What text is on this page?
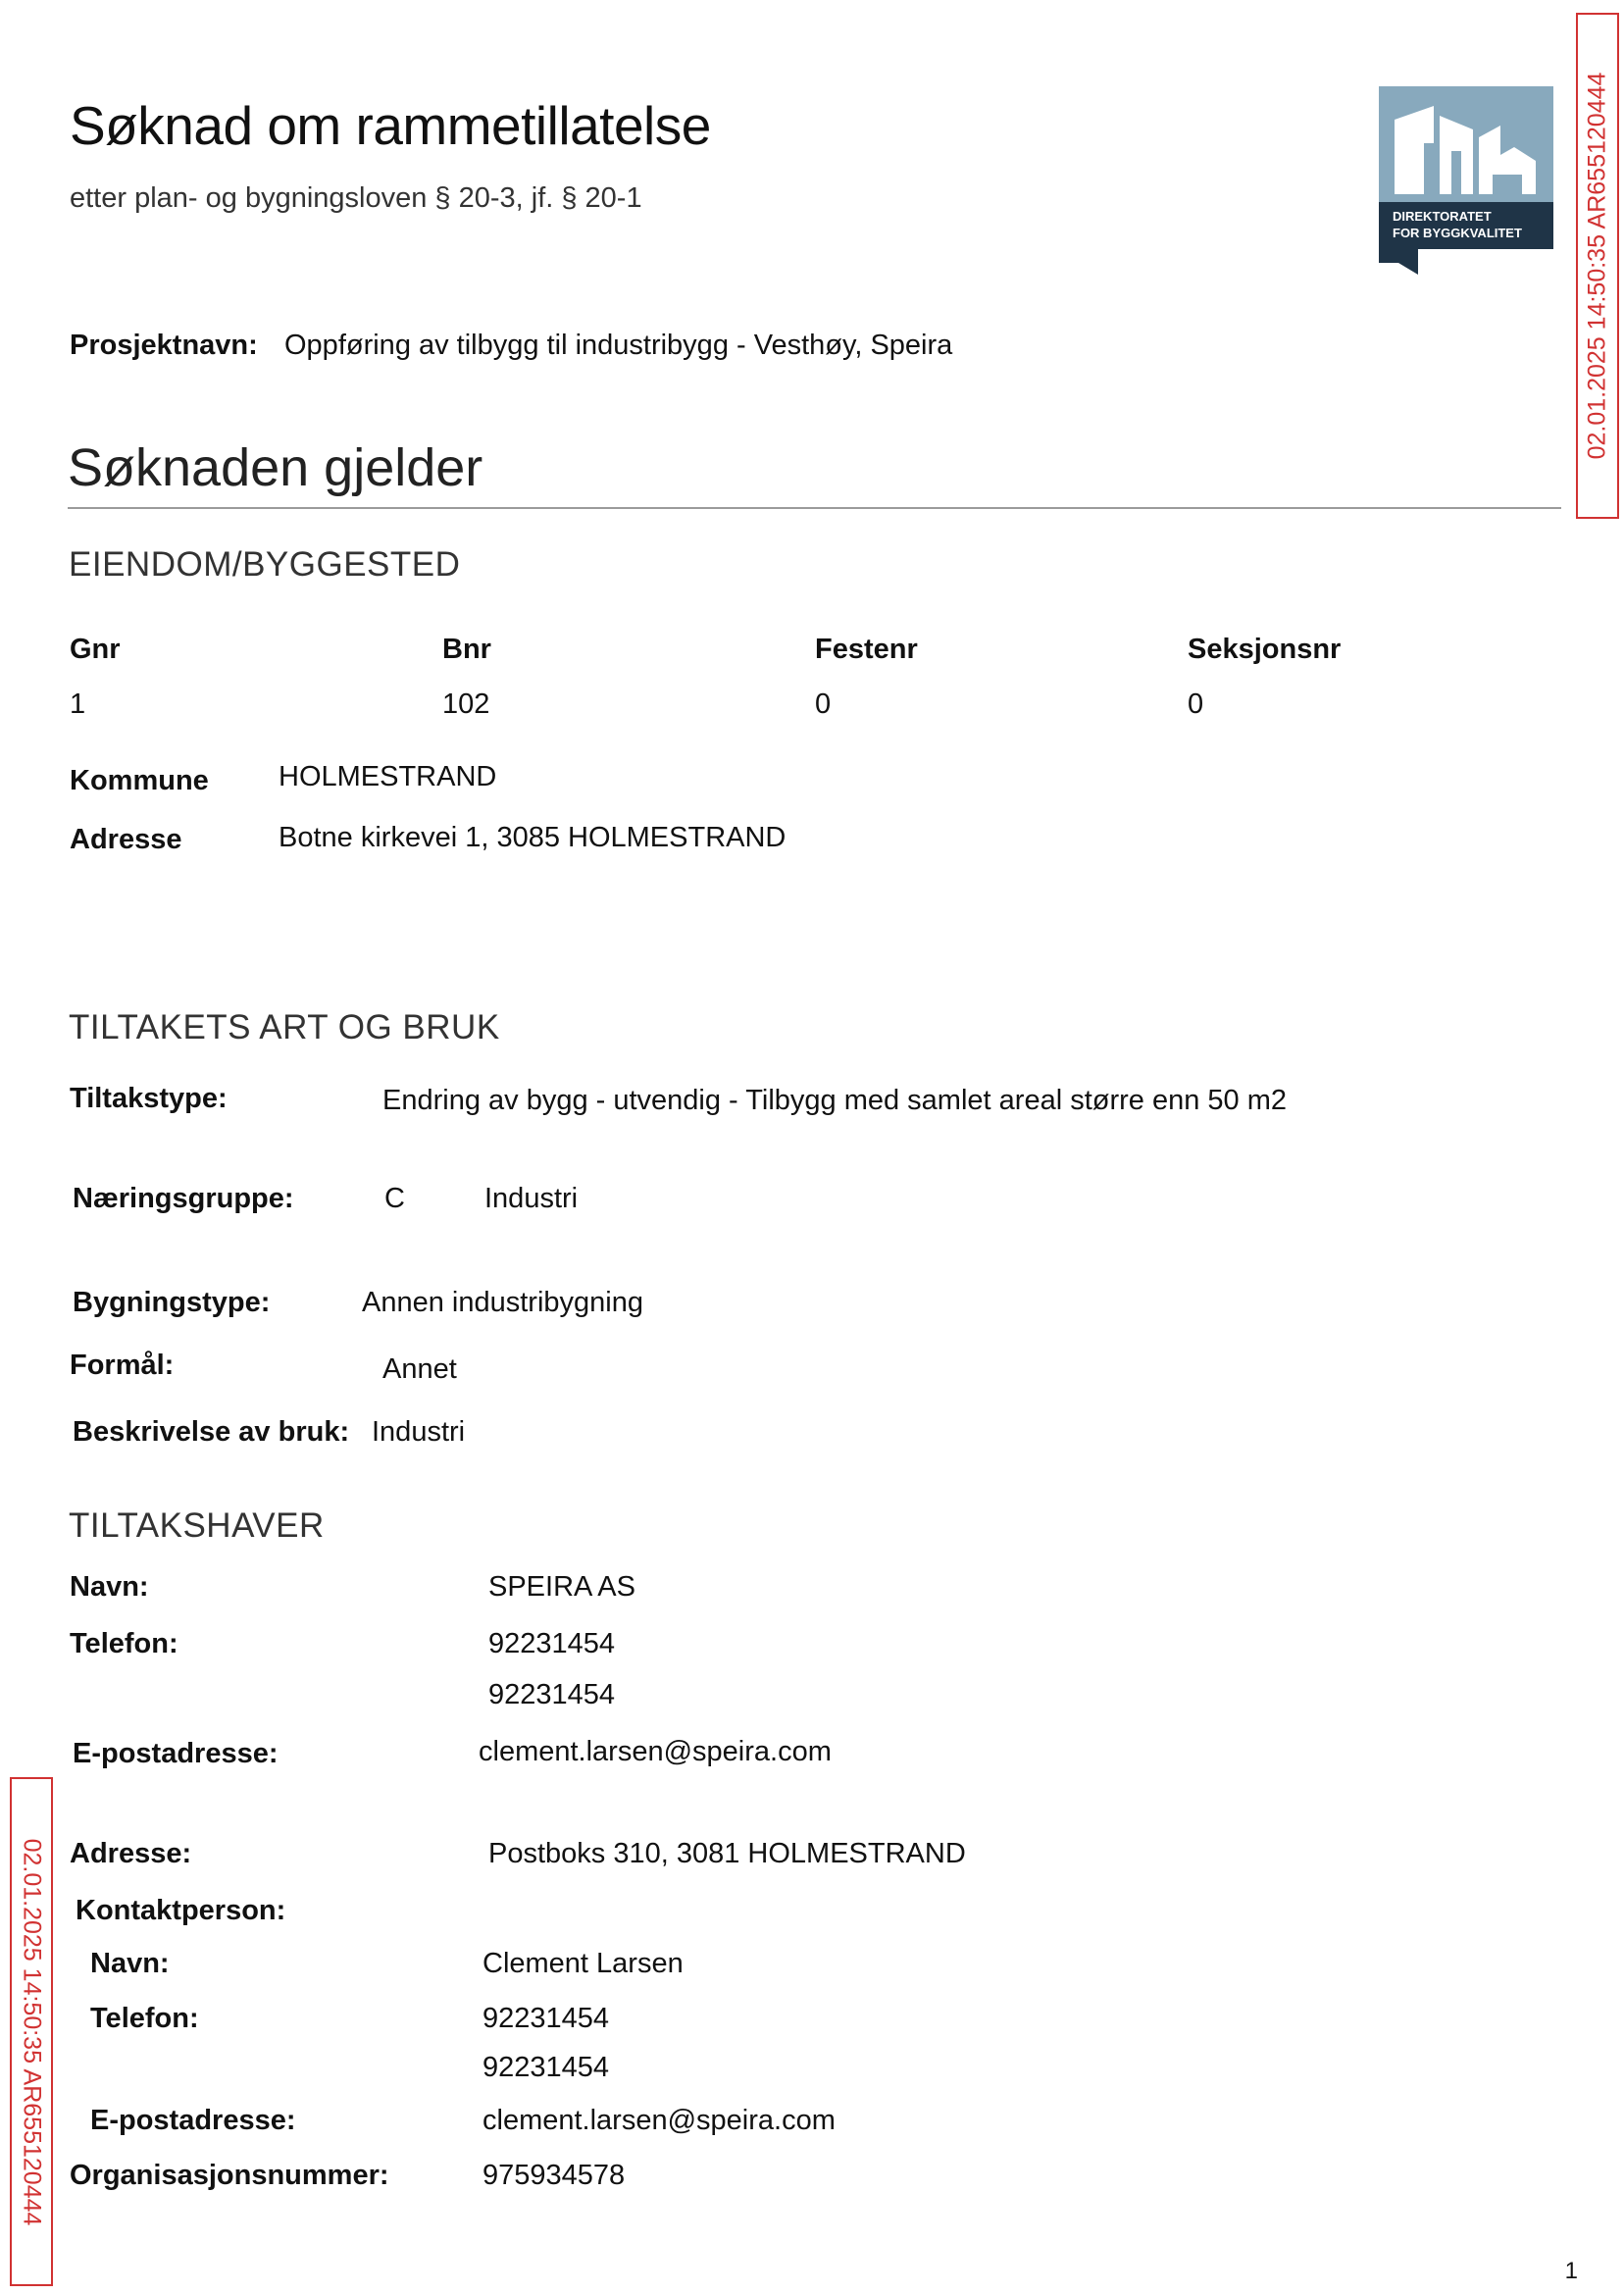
Søknad om rammetillatelse
etter plan- og bygningsloven § 20-3, jf. § 20-1
Prosjektnavn: Oppføring av tilbygg til industribygg - Vesthøy, Speira
DIREKTORATET
FOR BYGGKVALITET	02.01.2025 14:50:35 AR655120444
02.01.2025 14:50:35 AR655120444
Søknaden gjelder
EIENDOM/BYGGESTED
Gnr	Bnr	Festenr	Seksjonsnr
1	102	0	0
Kommune HOLMESTRAND
Adresse	Botne kirkevei 1, 3085 HOLMESTRAND
TILTAKETS ART OG BRUK
Tiltakstype:	Endring av bygg - utvendig - Tilbygg med samlet areal større enn 50 m2
Næringsgruppe:	C	Industri
Bygningstype:	Annen industribygning
Formål:	Annet
Beskrivelse av bruk: Industri
TILTAKSHAVER
Navn:	SPEIRA AS
Telefon:	92231454
92231454
E-postadresse:	clement.larsen@speira.com
Adresse:	Postboks 310, 3081 HOLMESTRAND
Kontaktperson:
Navn:	Clement Larsen
Telefon:	92231454
92231454
E-postadresse:	clement.larsen@speira.com
Organisasjonsnummer:	975934578
1
